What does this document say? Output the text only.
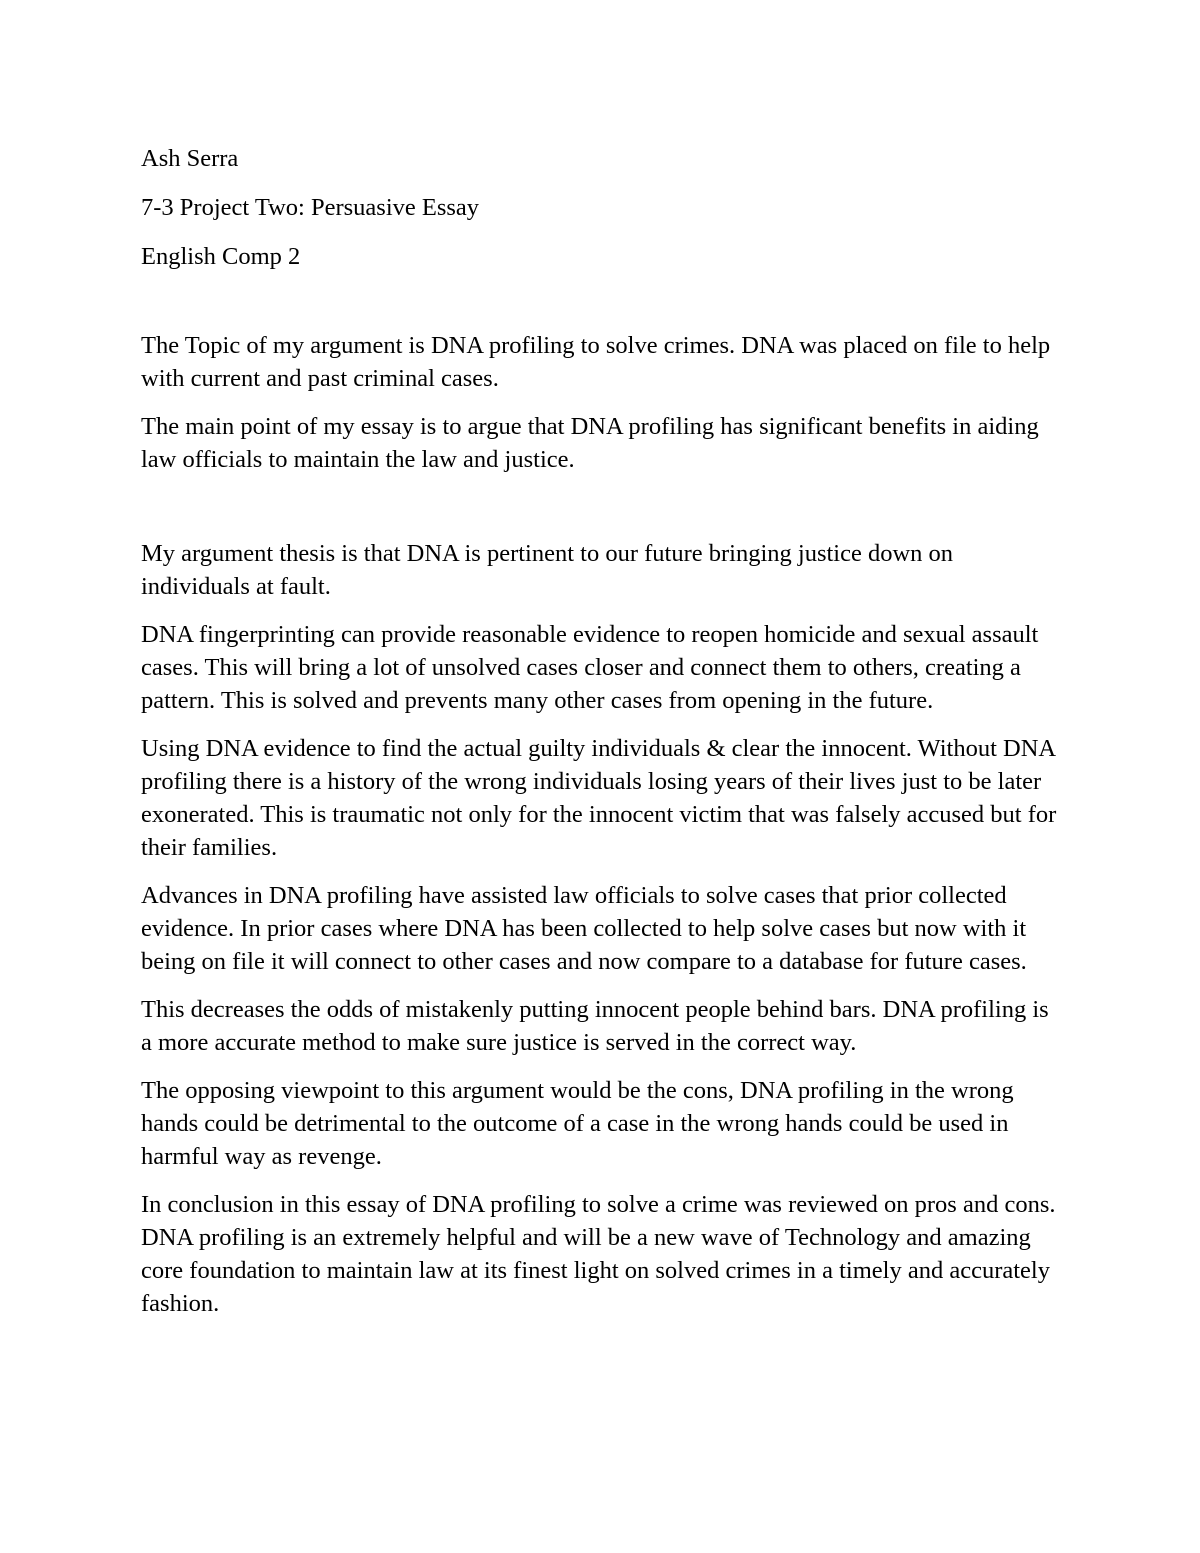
Ash Serra

7-3 Project Two: Persuasive Essay

English Comp 2

The Topic of my argument is DNA profiling to solve crimes. DNA was placed on file to help with current and past criminal cases.

The main point of my essay is to argue that DNA profiling has significant benefits in aiding law officials to maintain the law and justice.

My argument thesis is that DNA is pertinent to our future bringing justice down on individuals at fault.

DNA fingerprinting can provide reasonable evidence to reopen homicide and sexual assault cases. This will bring a lot of unsolved cases closer and connect them to others, creating a pattern. This is solved and prevents many other cases from opening in the future.

Using DNA evidence to find the actual guilty individuals & clear the innocent. Without DNA profiling there is a history of the wrong individuals losing years of their lives just to be later exonerated. This is traumatic not only for the innocent victim that was falsely accused but for their families.

Advances in DNA profiling have assisted law officials to solve cases that prior collected evidence. In prior cases where DNA has been collected to help solve cases but now with it being on file it will connect to other cases and now compare to a database for future cases.

This decreases the odds of mistakenly putting innocent people behind bars. DNA profiling is a more accurate method to make sure justice is served in the correct way.

The opposing viewpoint to this argument would be the cons, DNA profiling in the wrong hands could be detrimental to the outcome of a case in the wrong hands could be used in harmful way as revenge.

In conclusion in this essay of DNA profiling to solve a crime was reviewed on pros and cons. DNA profiling is an extremely helpful and will be a new wave of Technology and amazing core foundation to maintain law at its finest light on solved crimes in a timely and accurately fashion.
